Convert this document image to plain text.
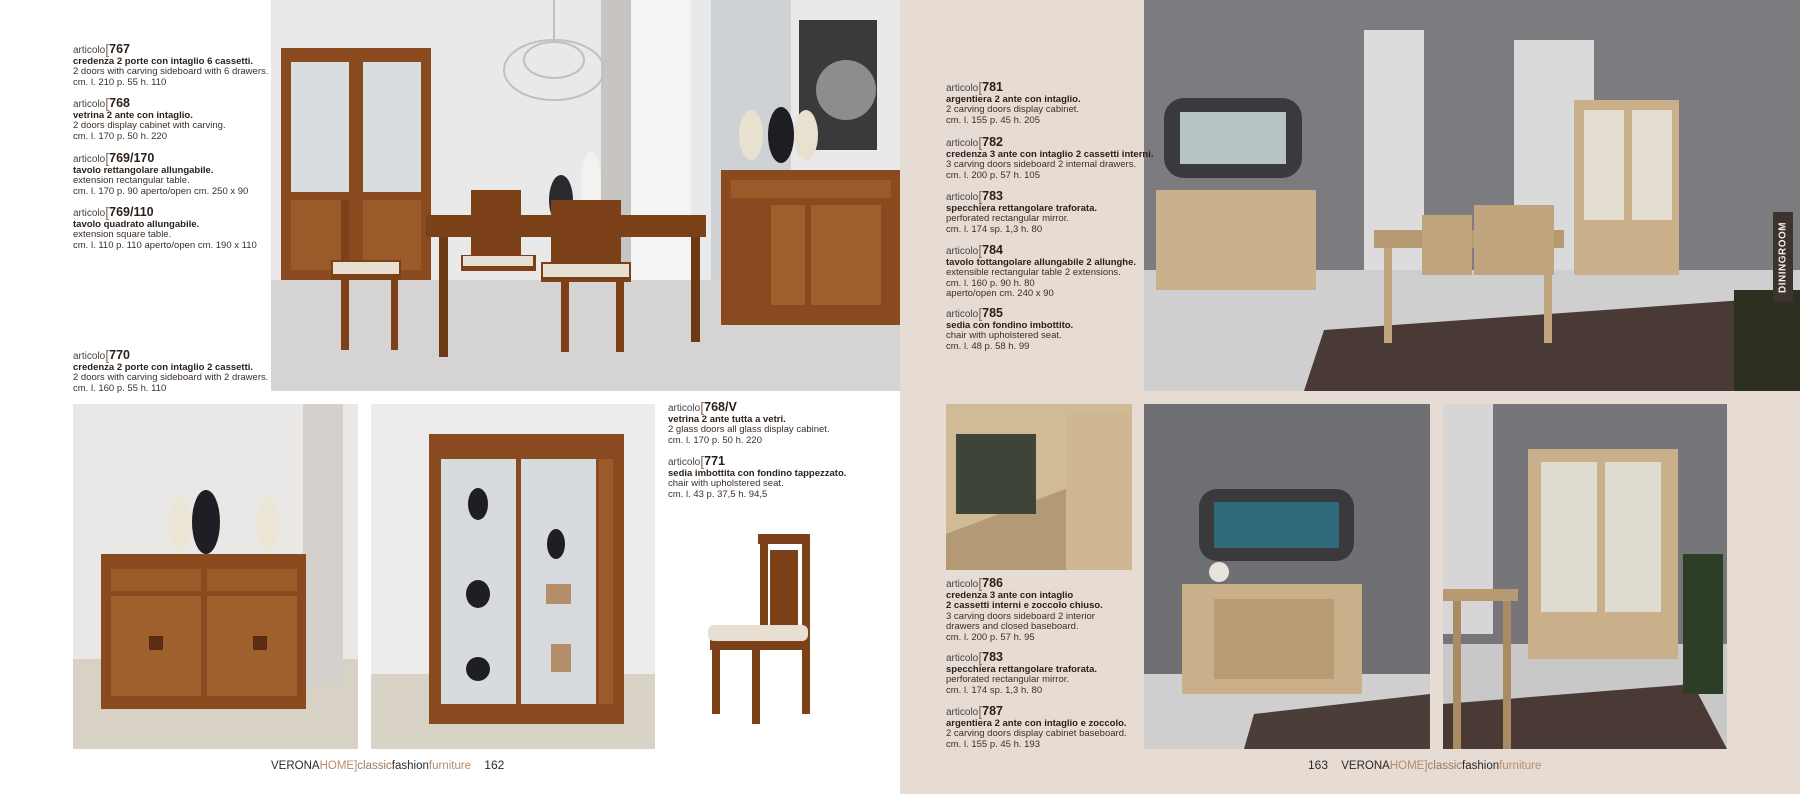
articolo[767
credenza 2 porte con intaglio 6 cassetti.
2 doors with carving sideboard with 6 drawers.
cm. l. 210 p. 55 h. 110
articolo[768
vetrina 2 ante con intaglio.
2 doors display cabinet with carving.
cm. l. 170 p. 50 h. 220
articolo[769/170
tavolo rettangolare allungabile.
extension rectangular table.
cm. l. 170 p. 90 aperto/open cm. 250 x 90
articolo[769/110
tavolo quadrato allungabile.
extension square table.
cm. l. 110 p. 110 aperto/open cm. 190 x 110
articolo[770
credenza 2 porte con intaglio 2 cassetti.
2 doors with carving sideboard with 2 drawers.
cm. l. 160 p. 55 h. 110
articolo[768/V
vetrina 2 ante tutta a vetri.
2 glass doors all glass display cabinet.
cm. l. 170 p. 50 h. 220
articolo[771
sedia imbottita con fondino tappezzato.
chair with upholstered seat.
cm. l. 43 p. 37,5 h. 94,5
VERONAHOME]classicfashionfurniture 162
articolo[781
argentiera 2 ante con intaglio.
2 carving doors display cabinet.
cm. l. 155 p. 45 h. 205
articolo[782
credenza 3 ante con intaglio 2 cassetti interni.
3 carving doors sideboard 2 internal drawers.
cm. l. 200 p. 57 h. 105
articolo[783
specchiera rettangolare traforata.
perforated rectangular mirror.
cm. l. 174 sp. 1,3 h. 80
articolo[784
tavolo tottangolare allungabile 2 allunghe.
extensible rectangular table 2 extensions.
cm. l. 160 p. 90 h. 80
aperto/open cm. 240 x 90
articolo[785
sedia con fondino imbottito.
chair with upholstered seat.
cm. l. 48 p. 58 h. 99
articolo[786
credenza 3 ante con intaglio
2 cassetti interni e zoccolo chiuso.
3 carving doors sideboard 2 interior
drawers and closed baseboard.
cm. l. 200 p. 57 h. 95
articolo[783
specchiera rettangolare traforata.
perforated rectangular mirror.
cm. l. 174 sp. 1,3 h. 80
articolo[787
argentiera 2 ante con intaglio e zoccolo.
2 carving doors display cabinet baseboard.
cm. l. 155 p. 45 h. 193
163 VERONAHOME]classicfashionfurniture
DININGROOM
